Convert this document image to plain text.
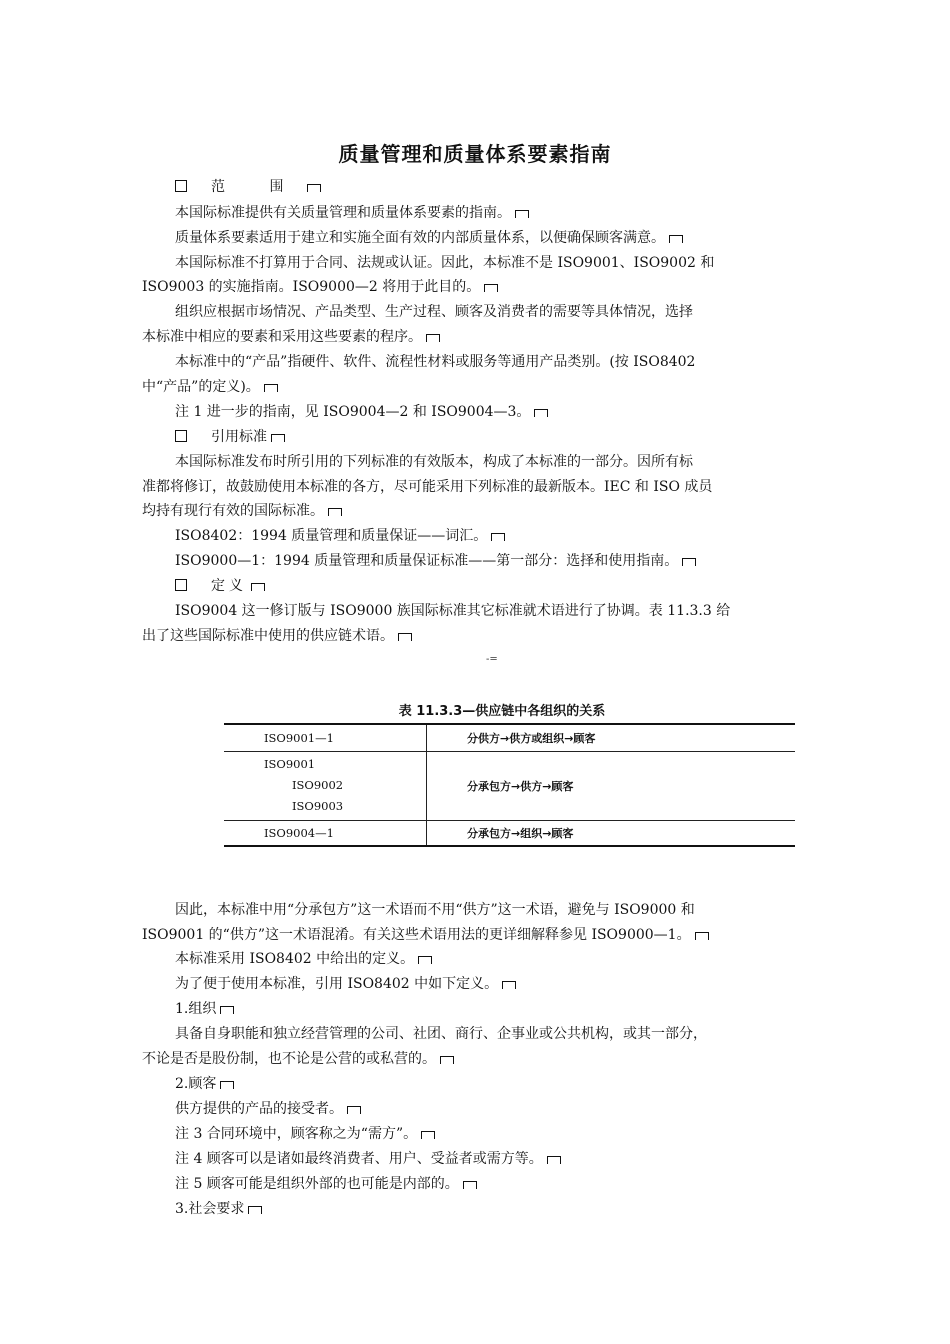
质量管理和质量体系要素指南
范 围
本国际标准提供有关质量管理和质量体系要素的指南。
质量体系要素适用于建立和实施全面有效的内部质量体系，以便确保顾客满意。
本国际标准不打算用于合同、法规或认证。因此，本标准不是 ISO9001、ISO9002 和
ISO9003 的实施指南。ISO9000—2 将用于此目的。
组织应根据市场情况、产品类型、生产过程、顾客及消费者的需要等具体情况，选择
本标准中相应的要素和采用这些要素的程序。
本标准中的“产品”指硬件、软件、流程性材料或服务等通用产品类别。(按 ISO8402
中“产品”的定义)。
注 1 进一步的指南，见 ISO9004—2 和 ISO9004—3。
引用标准
本国际标准发布时所引用的下列标准的有效版本，构成了本标准的一部分。因所有标
准都将修订，故鼓励使用本标准的各方，尽可能采用下列标准的最新版本。IEC 和 ISO 成员
均持有现行有效的国际标准。
ISO8402：1994 质量管理和质量保证——词汇。
ISO9000—1：1994 质量管理和质量保证标准——第一部分：选择和使用指南。
定义
ISO9004 这一修订版与 ISO9000 族国际标准其它标准就术语进行了协调。表 11.3.3 给
出了这些国际标准中使用的供应链术语。
-=
表 11.3.3—供应链中各组织的关系
ISO9001—1	分供方→供方或组织→顾客

ISO9001
ISO9002
ISO9003	分承包方→供方→顾客
ISO9004—1	分承包方→组织→顾客
因此，本标准中用“分承包方”这一术语而不用“供方”这一术语，避免与 ISO9000 和
ISO9001 的“供方”这一术语混淆。有关这些术语用法的更详细解释参见 ISO9000—1。
本标准采用 ISO8402 中给出的定义。
为了便于使用本标准，引用 ISO8402 中如下定义。
1.组织
具备自身职能和独立经营管理的公司、社团、商行、企事业或公共机构，或其一部分，
不论是否是股份制，也不论是公营的或私营的。
2.顾客
供方提供的产品的接受者。
注 3 合同环境中，顾客称之为“需方”。
注 4 顾客可以是诸如最终消费者、用户、受益者或需方等。
注 5 顾客可能是组织外部的也可能是内部的。
3.社会要求
